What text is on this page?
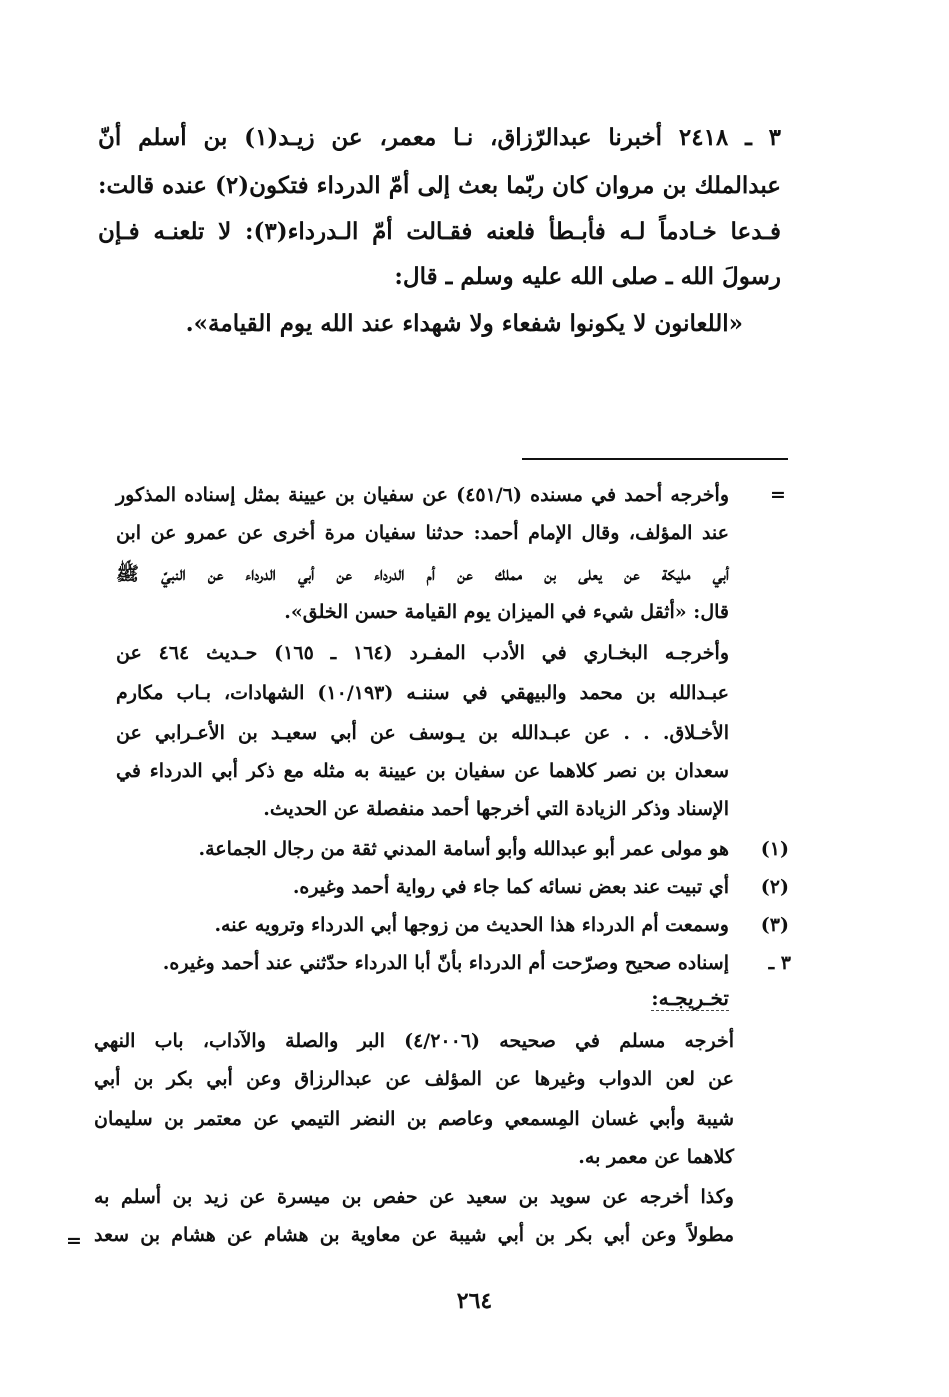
٣ ـ ٢٤١٨ أخبرنا عبدالرّزاق، نـا معمر، عن زيـد(١) بن أسلم أنّ
عبدالملك بن مروان كان ربّما بعث إلى أمّ الدرداء فتكون(٢) عنده قالت:
فـدعا خـادماً لـه فأبـطأ فلعنه فقـالت أمّ الـدرداء(٣): لا تلعنـه فـإن
رسولَ الله ـ صلى الله عليه وسلم ـ قال:
«اللعانون لا يكونوا شفعاء ولا شهداء عند الله يوم القيامة».
=
وأخرجه أحمد في مسنده (٤٥١/٦) عن سفيان بن عيينة بمثل إسناده المذكور
عند المؤلف، وقال الإمام أحمد: حدثنا سفيان مرة أخرى عن عمرو عن ابن
أبي مليكة عن يعلى بن مملك عن أم الدرداء عن أبي الدرداء عن النبيّ ﷺ
قال: «أثقل شيء في الميزان يوم القيامة حسن الخلق».
وأخرجـه البخـاري في الأدب المفـرد (١٦٤ ـ ١٦٥) حـديث ٤٦٤ عن
عبـدالله بن محمد والبيهقي في سننـه (١٠/١٩٣) الشهادات، بـاب مكارم
الأخـلاق. . . عن عبـدالله بن يـوسف عن أبي سعيـد بن الأعـرابي عن
سعدان بن نصر كلاهما عن سفيان بن عيينة به مثله مع ذكر أبي الدرداء في
الإسناد وذكر الزيادة التي أخرجها أحمد منفصلة عن الحديث.
(١)
هو مولى عمر أبو عبدالله وأبو أسامة المدني ثقة من رجال الجماعة.
(٢)
أي تبيت عند بعض نسائه كما جاء في رواية أحمد وغيره.
(٣)
وسمعت أم الدرداء هذا الحديث من زوجها أبي الدرداء وترويه عنه.
٣ ـ
إسناده صحيح وصرّحت أم الدرداء بأنّ أبا الدرداء حدّثني عند أحمد وغيره.
تخـريجـه:
أخرجه مسلم في صحيحه (٤/٢٠٠٦) البر والصلة والآداب، باب النهي
عن لعن الدواب وغيرها عن المؤلف عن عبدالرزاق وعن أبي بكر بن أبي
شيبة وأبي غسان المِسمعي وعاصم بن النضر التيمي عن معتمر بن سليمان
كلاهما عن معمر به.
وكذا أخرجه عن سويد بن سعيد عن حفص بن ميسرة عن زيد بن أسلم به
مطولاً وعن أبي بكر بن أبي شيبة عن معاوية بن هشام عن هشام بن سعد
=
٢٦٤
